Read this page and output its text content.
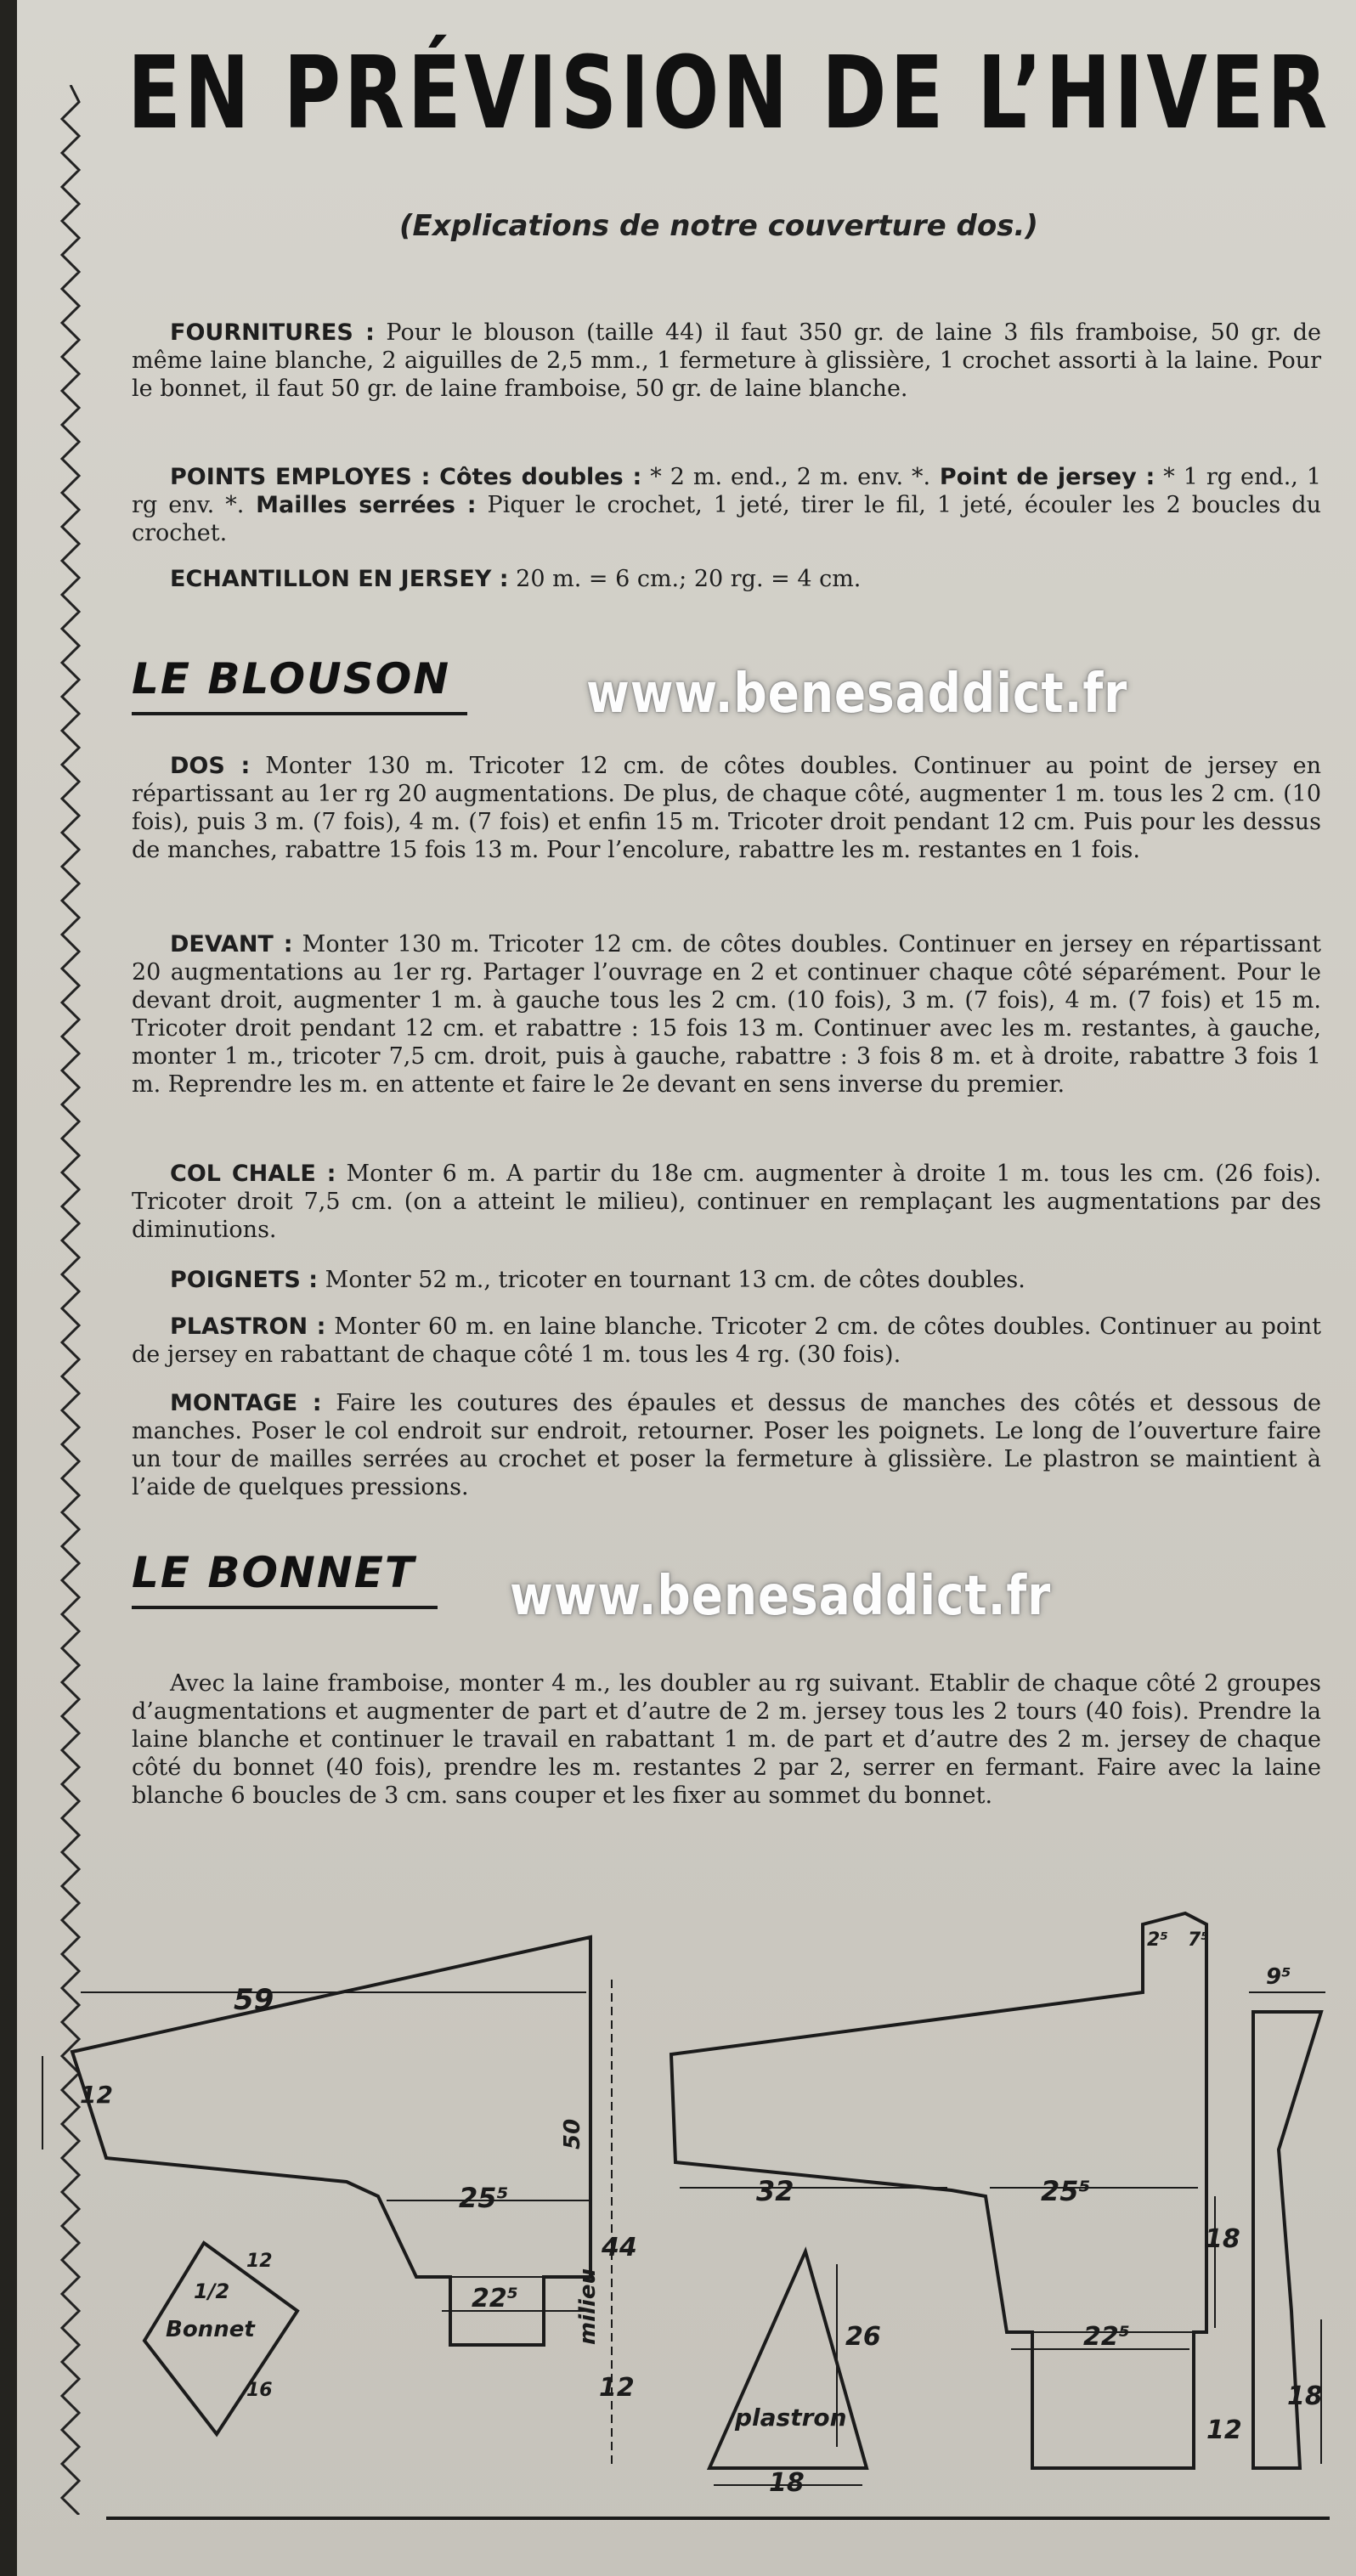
EN PRÉVISION DE L’HIVER
(Explications de notre couverture dos.)
FOURNITURES : Pour le blouson (taille 44) il faut 350 gr. de laine 3 fils framboise, 50 gr. de même laine blanche, 2 aiguilles de 2,5 mm., 1 fermeture à glissière, 1 crochet assorti à la laine. Pour le bonnet, il faut 50 gr. de laine framboise, 50 gr. de laine blanche.
POINTS EMPLOYES : Côtes doubles : * 2 m. end., 2 m. env. *. Point de jersey : * 1 rg end., 1 rg env. *. Mailles serrées : Piquer le crochet, 1 jeté, tirer le fil, 1 jeté, écouler les 2 boucles du crochet.
ECHANTILLON EN JERSEY : 20 m. = 6 cm.; 20 rg. = 4 cm.
LE BLOUSON www.benesaddict.fr
DOS : Monter 130 m. Tricoter 12 cm. de côtes doubles. Continuer au point de jersey en répartissant au 1er rg 20 augmentations. De plus, de chaque côté, augmenter 1 m. tous les 2 cm. (10 fois), puis 3 m. (7 fois), 4 m. (7 fois) et enfin 15 m. Tricoter droit pendant 12 cm. Puis pour les dessus de manches, rabattre 15 fois 13 m. Pour l’encolure, rabattre les m. restantes en 1 fois.
DEVANT : Monter 130 m. Tricoter 12 cm. de côtes doubles. Continuer en jersey en répartissant 20 augmentations au 1er rg. Partager l’ouvrage en 2 et continuer chaque côté séparément. Pour le devant droit, augmenter 1 m. à gauche tous les 2 cm. (10 fois), 3 m. (7 fois), 4 m. (7 fois) et 15 m. Tricoter droit pendant 12 cm. et rabattre : 15 fois 13 m. Continuer avec les m. restantes, à gauche, monter 1 m., tricoter 7,5 cm. droit, puis à gauche, rabattre : 3 fois 8 m. et à droite, rabattre 3 fois 1 m. Reprendre les m. en attente et faire le 2e devant en sens inverse du premier.
COL CHALE : Monter 6 m. A partir du 18e cm. augmenter à droite 1 m. tous les cm. (26 fois). Tricoter droit 7,5 cm. (on a atteint le milieu), continuer en remplaçant les augmentations par des diminutions.
POIGNETS : Monter 52 m., tricoter en tournant 13 cm. de côtes doubles.
PLASTRON : Monter 60 m. en laine blanche. Tricoter 2 cm. de côtes doubles. Continuer au point de jersey en rabattant de chaque côté 1 m. tous les 4 rg. (30 fois).
MONTAGE : Faire les coutures des épaules et dessus de manches des côtés et dessous de manches. Poser le col endroit sur endroit, retourner. Poser les poignets. Le long de l’ouverture faire un tour de mailles serrées au crochet et poser la fermeture à glissière. Le plastron se maintient à l’aide de quelques pressions.
LE BONNET www.benesaddict.fr
Avec la laine framboise, monter 4 m., les doubler au rg suivant. Etablir de chaque côté 2 groupes d’augmentations et augmenter de part et d’autre de 2 m. jersey tous les 2 tours (40 fois). Prendre la laine blanche et continuer le travail en rabattant 1 m. de part et d’autre des 2 m. jersey de chaque côté du bonnet (40 fois), prendre les m. restantes 2 par 2, serrer en fermant. Faire avec la laine blanche 6 boucles de 3 cm. sans couper et les fixer au sommet du bonnet.
59
12
25⁵
50
milieu
44
22⁵
12
1/2
Bonnet
12
16
plastron
26
18
2⁵ 7⁵
32	25⁵
18
22⁵
12
9⁵
18
